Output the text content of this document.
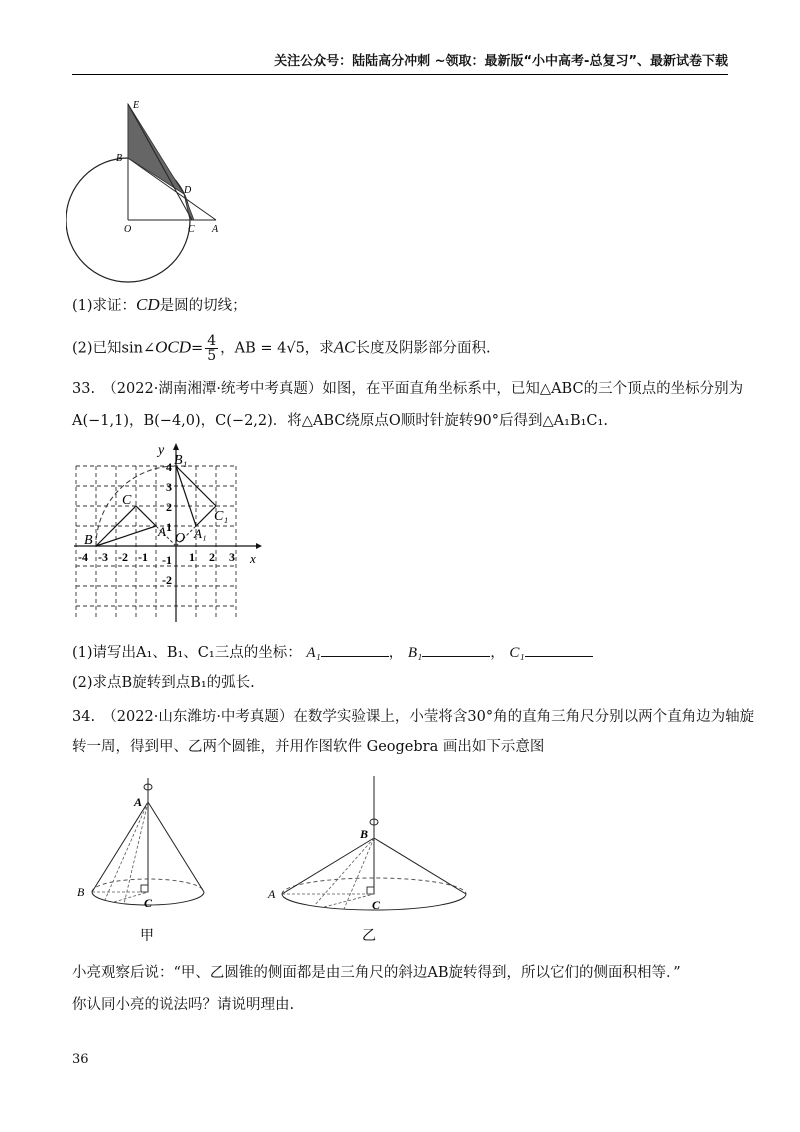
关注公众号：陆陆高分冲刺 ~领取：最新版“小中高考-总复习”、最新试卷下载
E
B
D
O	C A
(1)求证：CD是圆的切线；
(2)已知sin∠OCD= $\frac{4}{5}$ ，AB = 4√5，求AC长度及阴影部分面积.
33.　（2022·湖南湘潭·统考中考真题）如图，在平面直角坐标系中，已知△ABC的三个顶点的坐标分别为
A(−1,1)，B(−4,0)，C(−2,2)．将△ABC绕原点O顺时针旋转90°后得到△A₁B₁C₁.
-4 -3 -2 -1	1 2 3
4
3
2
1
-1
-2
x
y
O
B
C
A
B₁
C₁
A₁
(1)请写出A₁、B₁、C₁三点的坐标： A₁	， B₁	， C₁
(2)求点B旋转到点B₁的弧长.
34.　（2022·山东潍坊·中考真题）在数学实验课上，小莹将含30°角的直角三角尺分别以两个直角边为轴旋
转一周，得到甲、乙两个圆锥，并用作图软件 Geogebra 画出如下示意图
A
B
C
甲
B
A
C
乙
小亮观察后说：“甲、乙圆锥的侧面都是由三角尺的斜边AB旋转得到，所以它们的侧面积相等．”
你认同小亮的说法吗？请说明理由.
36
